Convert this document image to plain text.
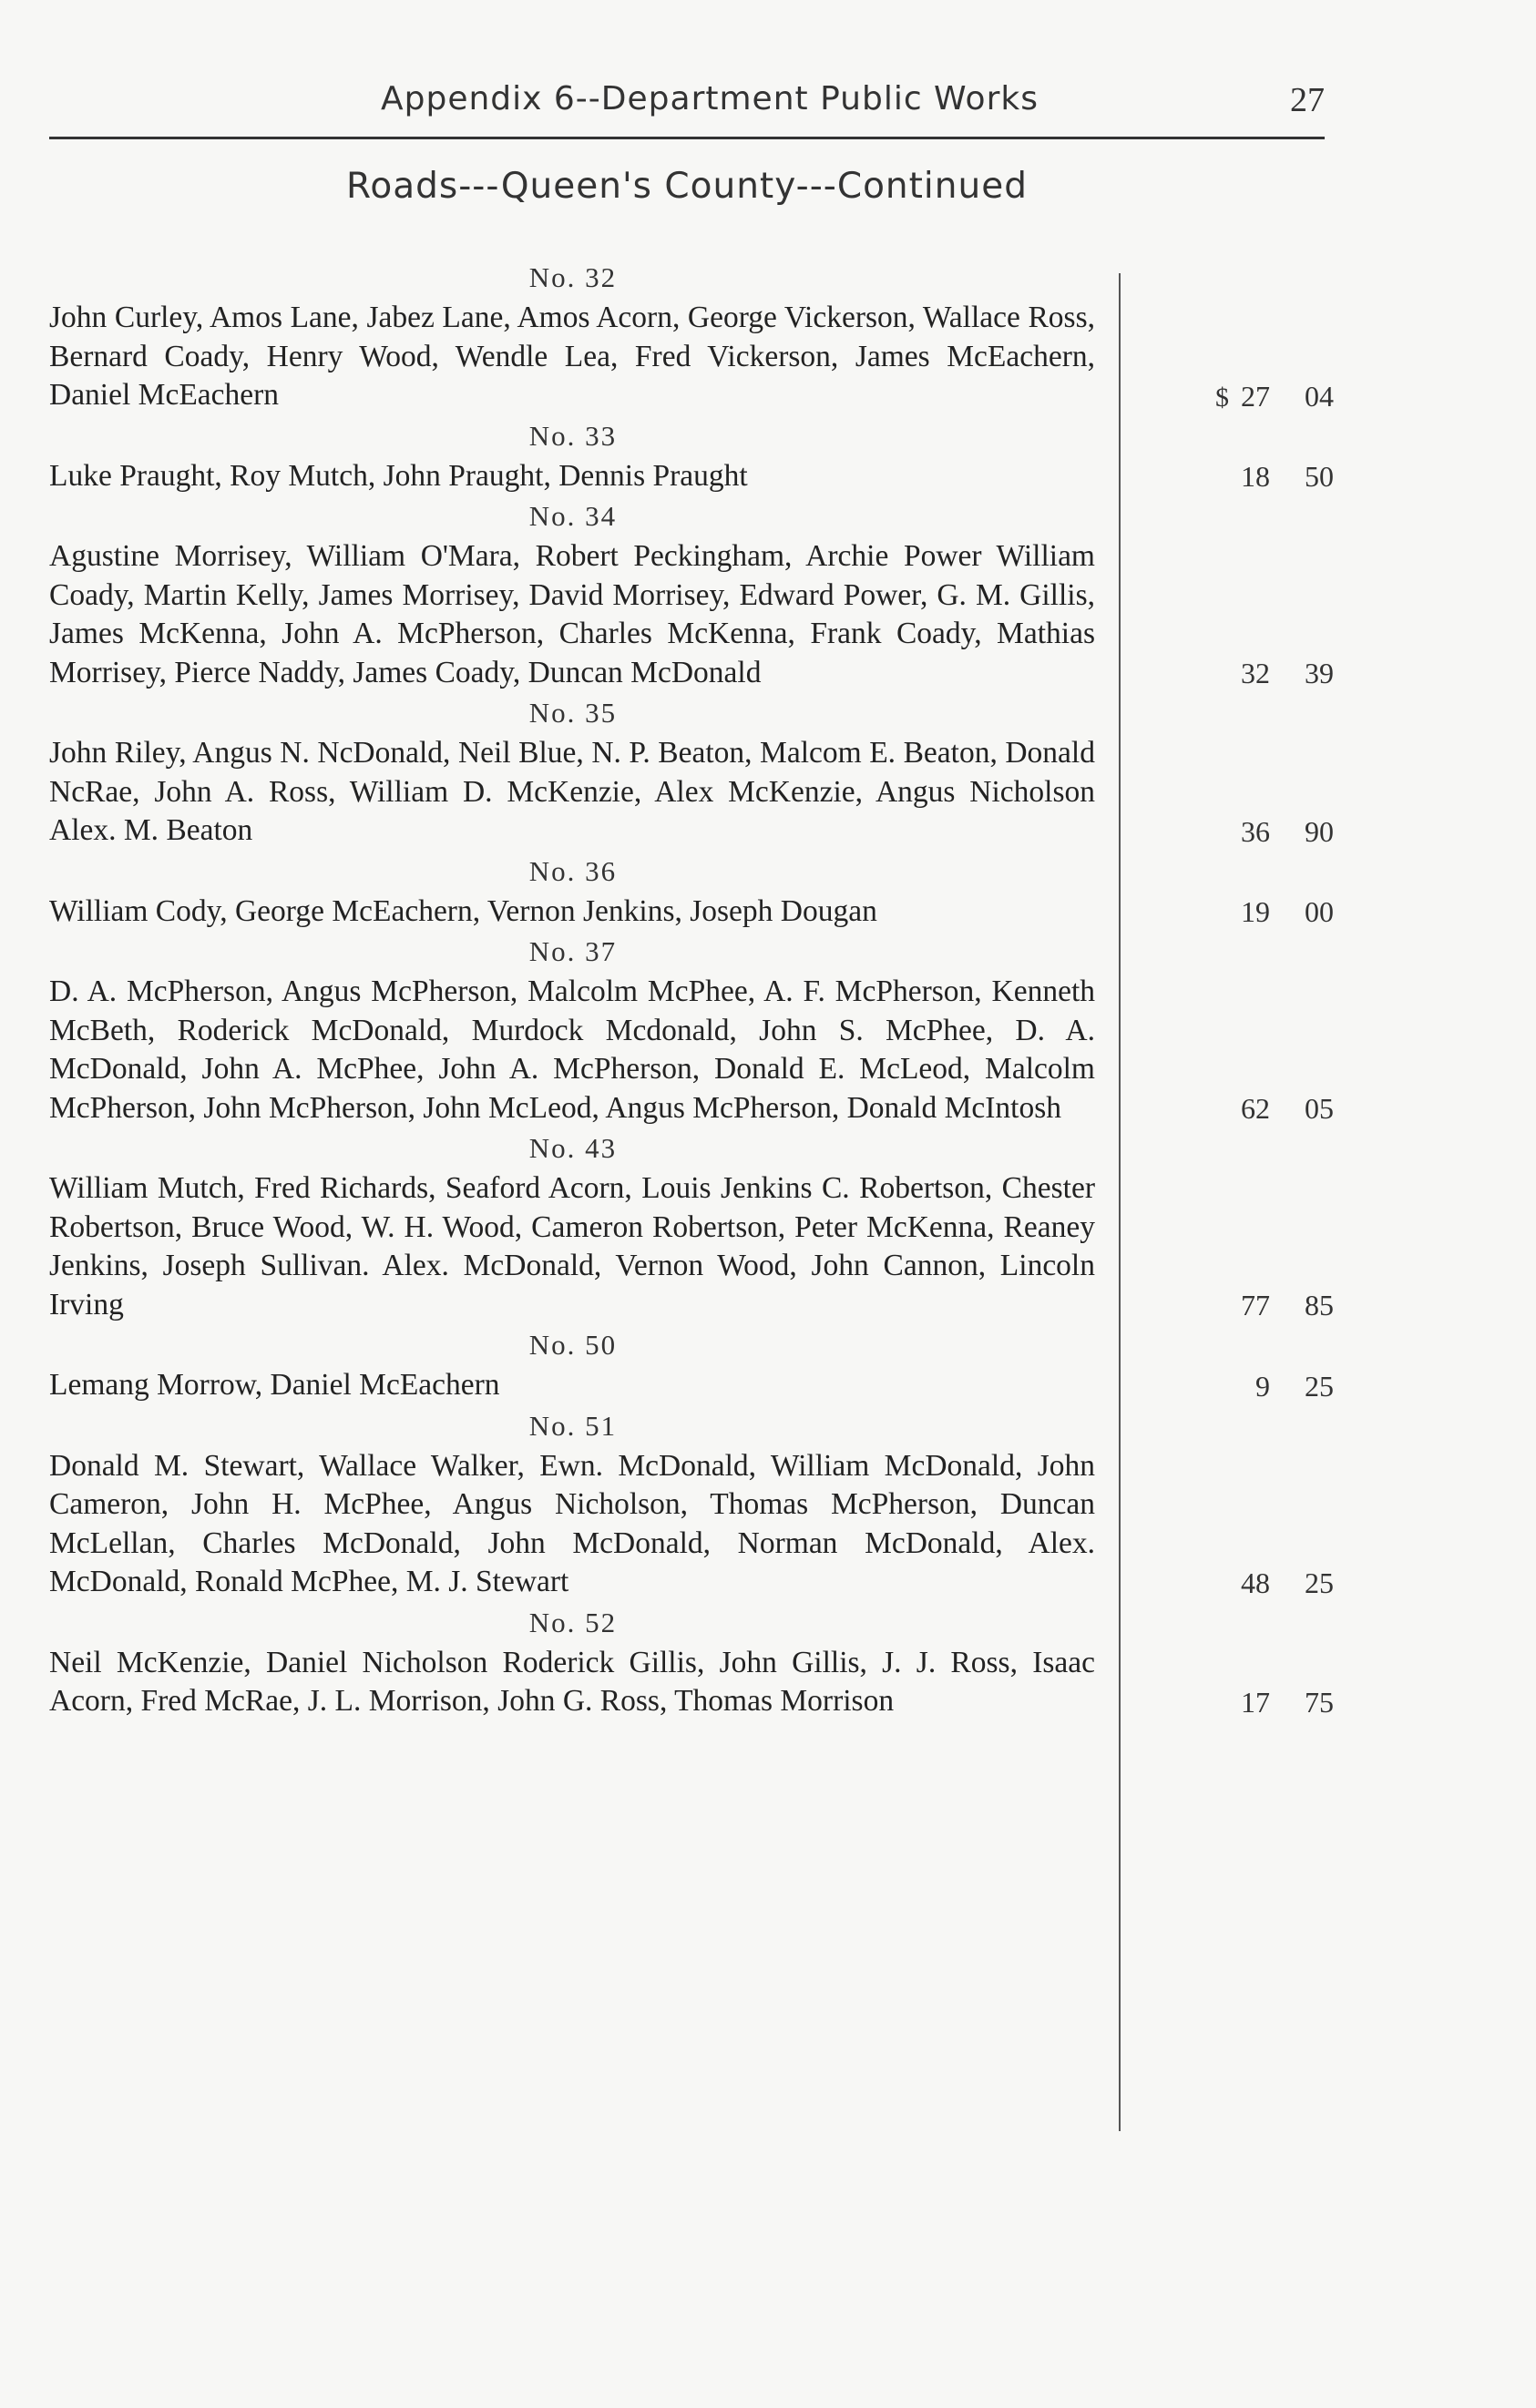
Appendix 6--Department Public Works	27
Roads---Queen's County---Continued
No. 32
John Curley, Amos Lane, Jabez Lane, Amos Acorn, George Vickerson, Wallace Ross, Bernard Coady, Henry Wood, Wendle Lea, Fred Vickerson, James McEachern, Daniel McEachern	$ 27	04
No. 33
Luke Praught, Roy Mutch, John Praught, Dennis Praught	18	50
No. 34
Agustine Morrisey, William O'Mara, Robert Peckingham, Archie Power William Coady, Martin Kelly, James Morrisey, David Morrisey, Edward Power, G. M. Gillis, James McKenna, John A. McPherson, Charles McKenna, Frank Coady, Mathias Morrisey, Pierce Naddy, James Coady, Duncan McDonald	32	39
No. 35
John Riley, Angus N. NcDonald, Neil Blue, N. P. Beaton, Malcom E. Beaton, Donald NcRae, John A. Ross, William D. McKenzie, Alex McKenzie, Angus Nicholson Alex. M. Beaton	36	90
No. 36
William Cody, George McEachern, Vernon Jenkins, Joseph Dougan	19	00
No. 37
D. A. McPherson, Angus McPherson, Malcolm McPhee, A. F. McPherson, Kenneth McBeth, Roderick McDonald, Murdock Mcdonald, John S. McPhee, D. A. McDonald, John A. McPhee, John A. McPherson, Donald E. McLeod, Malcolm McPherson, John McPherson, John McLeod, Angus McPherson, Donald McIntosh	62	05
No. 43
William Mutch, Fred Richards, Seaford Acorn, Louis Jenkins C. Robertson, Chester Robertson, Bruce Wood, W. H. Wood, Cameron Robertson, Peter McKenna, Reaney Jenkins, Joseph Sullivan. Alex. McDonald, Vernon Wood, John Cannon, Lincoln Irving	77	85
No. 50
Lemang Morrow, Daniel McEachern	9	25
No. 51
Donald M. Stewart, Wallace Walker, Ewn. McDonald, William McDonald, John Cameron, John H. McPhee, Angus Nicholson, Thomas McPherson, Duncan McLellan, Charles McDonald, John McDonald, Norman McDonald, Alex. McDonald, Ronald McPhee, M. J. Stewart	48	25
No. 52
Neil McKenzie, Daniel Nicholson Roderick Gillis, John Gillis, J. J. Ross, Isaac Acorn, Fred McRae, J. L. Morrison, John G. Ross, Thomas Morrison	17	75
